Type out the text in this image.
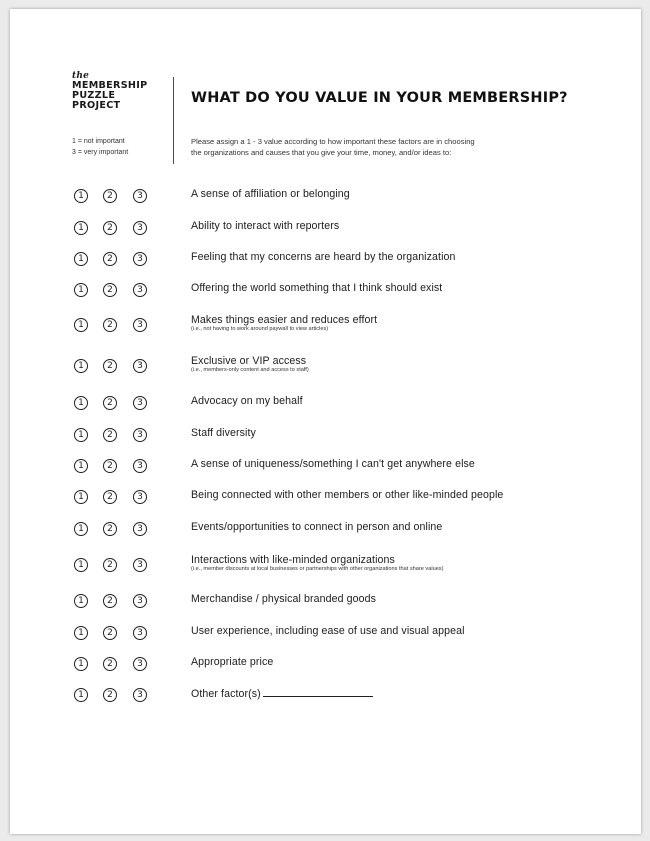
the
MEMBERSHIP
PUZZLE
PROJECT
1 = not important
3 = very important
WHAT DO YOU VALUE IN YOUR MEMBERSHIP?
Please assign a 1 - 3 value according to how important these factors are in choosing
the organizations and causes that you give your time, money, and/or ideas to:
1	2	3	A sense of affiliation or belonging
1	2	3	Ability to interact with reporters
1	2	3	Feeling that my concerns are heard by the organization
1	2	3	Offering the world something that I think should exist
1	2	3	Makes things easier and reduces effort
(i.e., not having to work around paywall to view articles)
1	2	3	Exclusive or VIP access
(i.e., members-only content and access to staff)
1	2	3	Advocacy on my behalf
1	2	3	Staff diversity
1	2	3	A sense of uniqueness/something I can't get anywhere else
1	2	3	Being connected with other members or other like-minded people
1	2	3	Events/opportunities to connect in person and online
1	2	3	Interactions with like-minded organizations
(i.e., member discounts at local businesses or partnerships with other organizations that share values)
1	2	3	Merchandise / physical branded goods
1	2	3	User experience, including ease of use and visual appeal
1	2	3	Appropriate price
1	2	3	Other factor(s)
